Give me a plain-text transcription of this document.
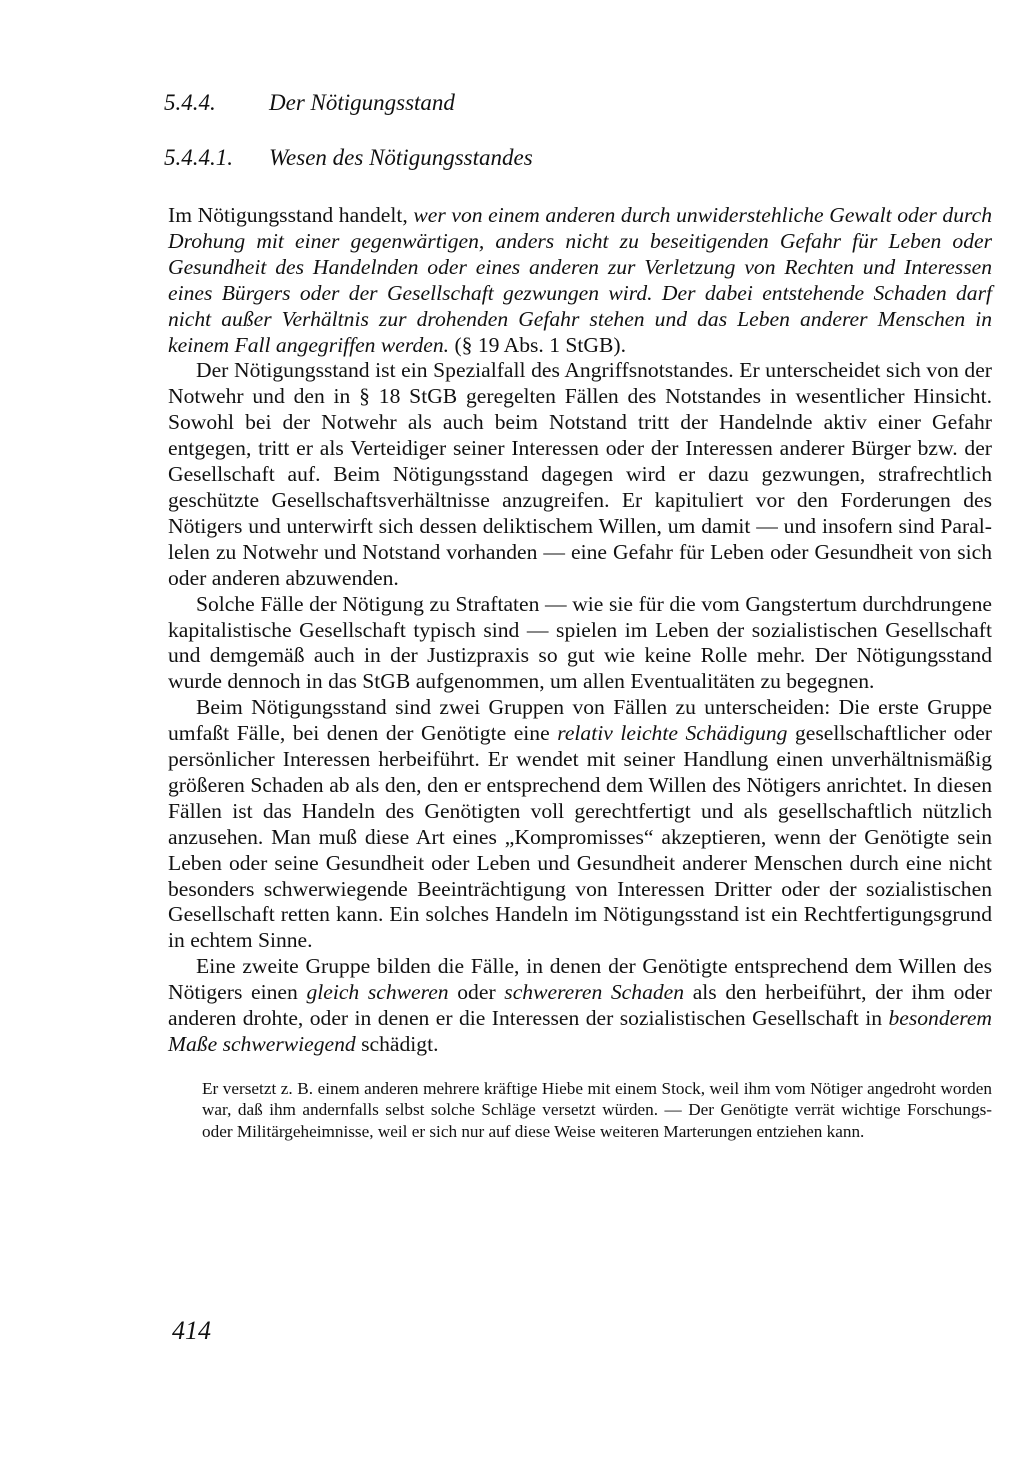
5.4.4. Der Nötigungsstand
5.4.4.1. Wesen des Nötigungsstandes

Im Nötigungsstand handelt, wer von einem anderen durch unwiderstehliche Gewalt oder durch Drohung mit einer gegenwärtigen, anders nicht zu beseitigenden Gefahr für Leben oder Gesundheit des Handelnden oder eines anderen zur Verletzung von Rechten und Interessen eines Bürgers oder der Gesellschaft gezwungen wird. Der dabei entstehende Schaden darf nicht außer Verhältnis zur drohenden Gefahr stehen und das Leben anderer Menschen in keinem Fall angegriffen werden. (§ 19 Abs. 1 StGB).

Der Nötigungsstand ist ein Spezialfall des Angriffsnotstandes. Er unterscheidet sich von der Notwehr und den in § 18 StGB geregelten Fällen des Notstandes in wesentlicher Hinsicht. Sowohl bei der Notwehr als auch beim Notstand tritt der Handelnde aktiv einer Gefahr entgegen, tritt er als Verteidiger seiner Interessen oder der Interessen anderer Bürger bzw. der Gesellschaft auf. Beim Nötigungsstand dagegen wird er dazu gezwungen, strafrechtlich geschützte Gesellschaftsverhältnisse anzugreifen. Er kapituliert vor den Forderungen des Nötigers und unterwirft sich dessen deliktischem Willen, um damit — und insofern sind Parallelen zu Notwehr und Notstand vorhanden — eine Gefahr für Leben oder Gesundheit von sich oder anderen abzuwenden.

Solche Fälle der Nötigung zu Straftaten — wie sie für die vom Gangstertum durchdrungene kapitalistische Gesellschaft typisch sind — spielen im Leben der sozialistischen Gesellschaft und demgemäß auch in der Justizpraxis so gut wie keine Rolle mehr. Der Nötigungsstand wurde dennoch in das StGB aufgenommen, um allen Eventualitäten zu begegnen.

Beim Nötigungsstand sind zwei Gruppen von Fällen zu unterscheiden: Die erste Gruppe umfaßt Fälle, bei denen der Genötigte eine relativ leichte Schädigung gesellschaftlicher oder persönlicher Interessen herbeiführt. Er wendet mit seiner Handlung einen unverhältnismäßig größeren Schaden ab als den, den er entsprechend dem Willen des Nötigers anrichtet. In diesen Fällen ist das Handeln des Genötigten voll gerechtfertigt und als gesellschaftlich nützlich anzusehen. Man muß diese Art eines „Kompromisses“ akzeptieren, wenn der Genötigte sein Leben oder seine Gesundheit oder Leben und Gesundheit anderer Menschen durch eine nicht besonders schwerwiegende Beeinträchtigung von Interessen Dritter oder der sozialistischen Gesellschaft retten kann. Ein solches Handeln im Nötigungsstand ist ein Rechtfertigungsgrund in echtem Sinne.

Eine zweite Gruppe bilden die Fälle, in denen der Genötigte entsprechend dem Willen des Nötigers einen gleich schweren oder schwereren Schaden als den herbeiführt, der ihm oder anderen drohte, oder in denen er die Interessen der sozialistischen Gesellschaft in besonderem Maße schwerwiegend schädigt.

Er versetzt z. B. einem anderen mehrere kräftige Hiebe mit einem Stock, weil ihm vom Nötiger angedroht worden war, daß ihm andernfalls selbst solche Schläge versetzt würden. — Der Genötigte verrät wichtige Forschungs- oder Militärgeheimnisse, weil er sich nur auf diese Weise weiteren Marterungen entziehen kann.
414
